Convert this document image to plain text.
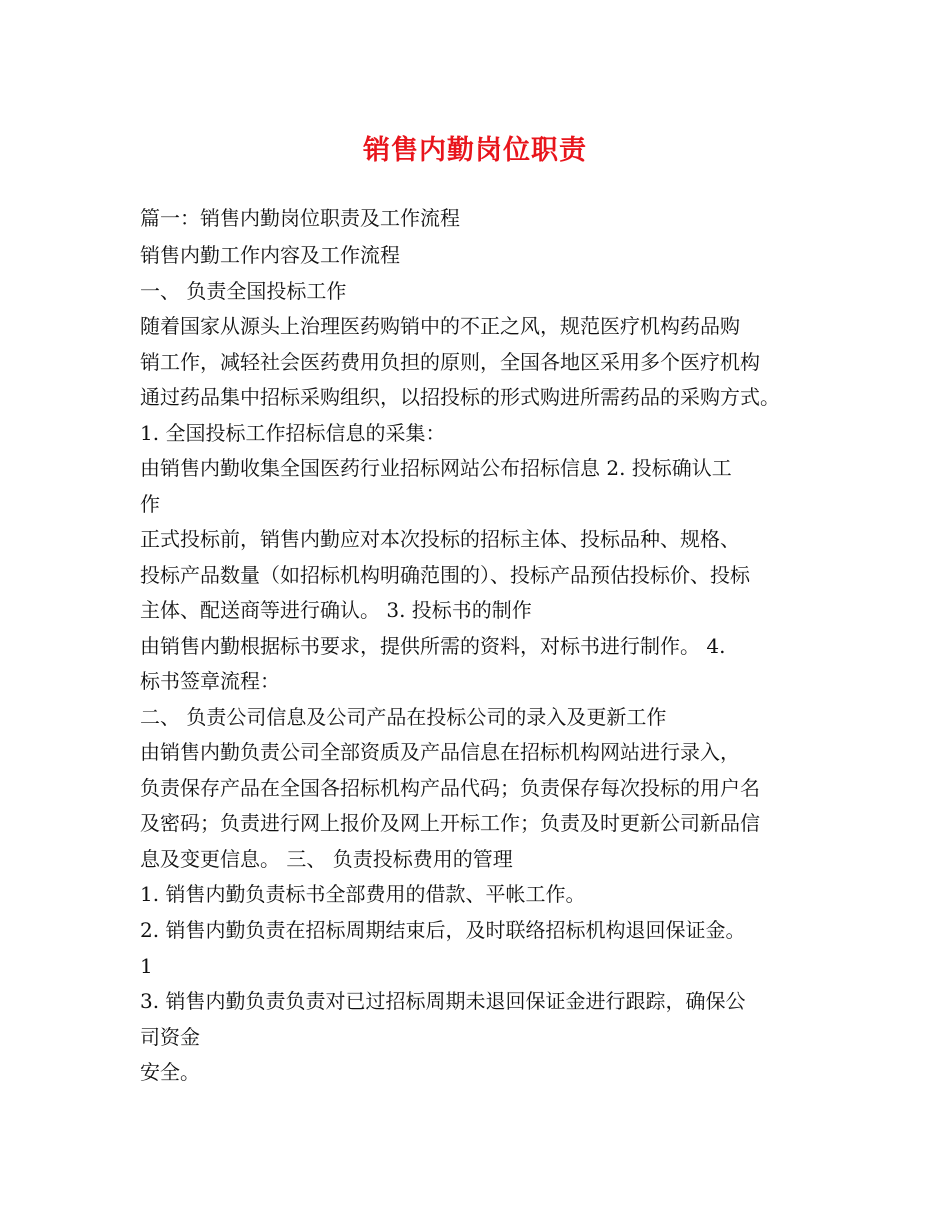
销售内勤岗位职责
篇一：销售内勤岗位职责及工作流程
销售内勤工作内容及工作流程
一、 负责全国投标工作
随着国家从源头上治理医药购销中的不正之风，规范医疗机构药品购
销工作，减轻社会医药费用负担的原则，全国各地区采用多个医疗机构
通过药品集中招标采购组织，以招投标的形式购进所需药品的采购方式。
1. 全国投标工作招标信息的采集：
由销售内勤收集全国医药行业招标网站公布招标信息 2. 投标确认工
作
正式投标前，销售内勤应对本次投标的招标主体、投标品种、规格、
投标产品数量（如招标机构明确范围的）、投标产品预估投标价、投标
主体、配送商等进行确认。 3. 投标书的制作
由销售内勤根据标书要求，提供所需的资料，对标书进行制作。 4.
标书签章流程：
二、 负责公司信息及公司产品在投标公司的录入及更新工作
由销售内勤负责公司全部资质及产品信息在招标机构网站进行录入，
负责保存产品在全国各招标机构产品代码；负责保存每次投标的用户名
及密码；负责进行网上报价及网上开标工作；负责及时更新公司新品信
息及变更信息。 三、 负责投标费用的管理
1. 销售内勤负责标书全部费用的借款、平帐工作。
2. 销售内勤负责在招标周期结束后，及时联络招标机构退回保证金。
1
3. 销售内勤负责负责对已过招标周期未退回保证金进行跟踪，确保公
司资金
安全。
